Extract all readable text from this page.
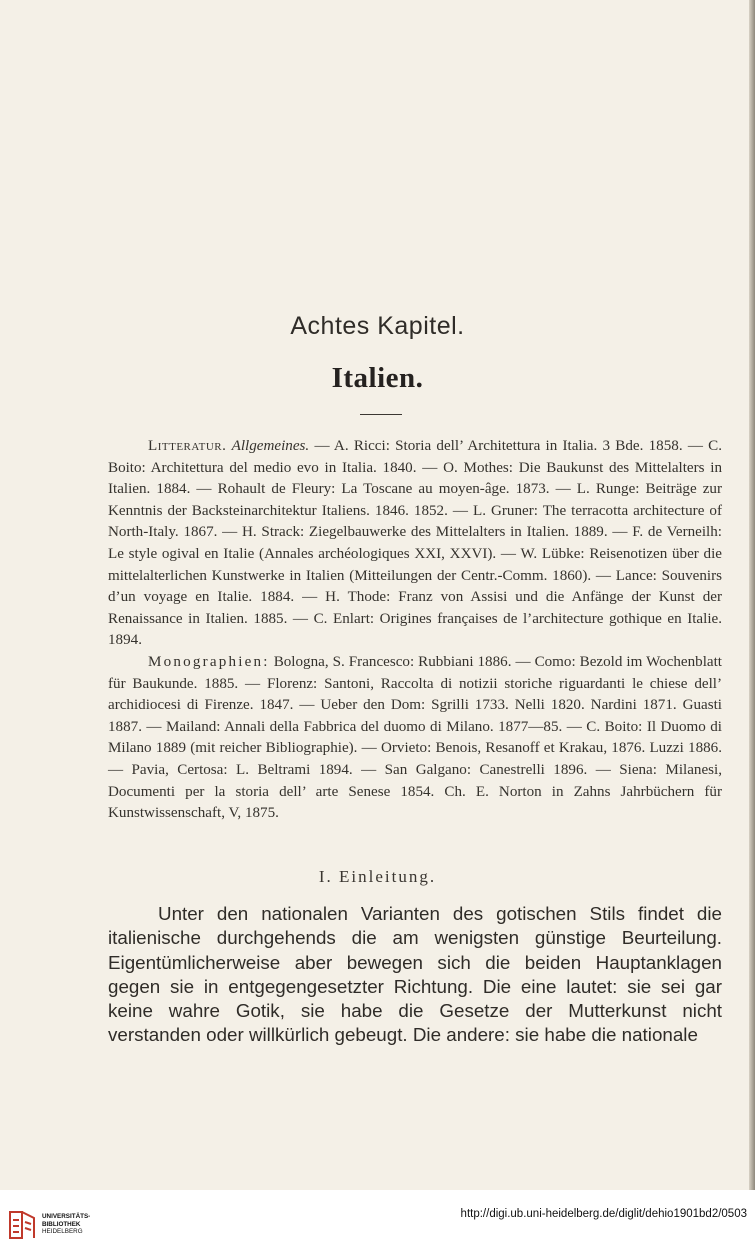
Achtes Kapitel.
Italien.

Litteratur. Allgemeines. — A. Ricci: Storia dell’ Architettura in Italia. 3 Bde. 1858. — C. Boito: Architettura del medio evo in Italia. 1840. — O. Mothes: Die Baukunst des Mittelalters in Italien. 1884. — Rohault de Fleury: La Toscane au moyen-âge. 1873. — L. Runge: Beiträge zur Kenntnis der Backsteinarchitektur Italiens. 1846. 1852. — L. Gruner: The terracotta architecture of North-Italy. 1867. — H. Strack: Ziegelbauwerke des Mittelalters in Italien. 1889. — F. de Verneilh: Le style ogival en Italie (Annales archéologiques XXI, XXVI). — W. Lübke: Reisenotizen über die mittelalterlichen Kunstwerke in Italien (Mitteilungen der Centr.-Comm. 1860). — Lance: Souvenirs d’un voyage en Italie. 1884. — H. Thode: Franz von Assisi und die Anfänge der Kunst der Renaissance in Italien. 1885. — C. Enlart: Origines françaises de l’architecture gothique en Italie. 1894.

Monographien: Bologna, S. Francesco: Rubbiani 1886. — Como: Bezold im Wochenblatt für Baukunde. 1885. — Florenz: Santoni, Raccolta di notizii storiche riguardanti le chiese dell’ archidiocesi di Firenze. 1847. — Ueber den Dom: Sgrilli 1733. Nelli 1820. Nardini 1871. Guasti 1887. — Mailand: Annali della Fabbrica del duomo di Milano. 1877—85. — C. Boito: Il Duomo di Milano 1889 (mit reicher Bibliographie). — Orvieto: Benois, Resanoff et Krakau, 1876. Luzzi 1886. — Pavia, Certosa: L. Beltrami 1894. — San Galgano: Canestrelli 1896. — Siena: Milanesi, Documenti per la storia dell’ arte Senese 1854. Ch. E. Norton in Zahns Jahrbüchern für Kunstwissenschaft, V, 1875.

I. Einleitung.

Unter den nationalen Varianten des gotischen Stils findet die italienische durchgehends die am wenigsten günstige Beurteilung. Eigentümlicherweise aber bewegen sich die beiden Hauptanklagen gegen sie in entgegengesetzter Richtung. Die eine lautet: sie sei gar keine wahre Gotik, sie habe die Gesetze der Mutterkunst nicht verstanden oder willkürlich gebeugt. Die andere: sie habe die nationale

UNIVERSITÄTS-
BIBLIOTHEK
HEIDELBERG
http://digi.ub.uni-heidelberg.de/diglit/dehio1901bd2/0503
